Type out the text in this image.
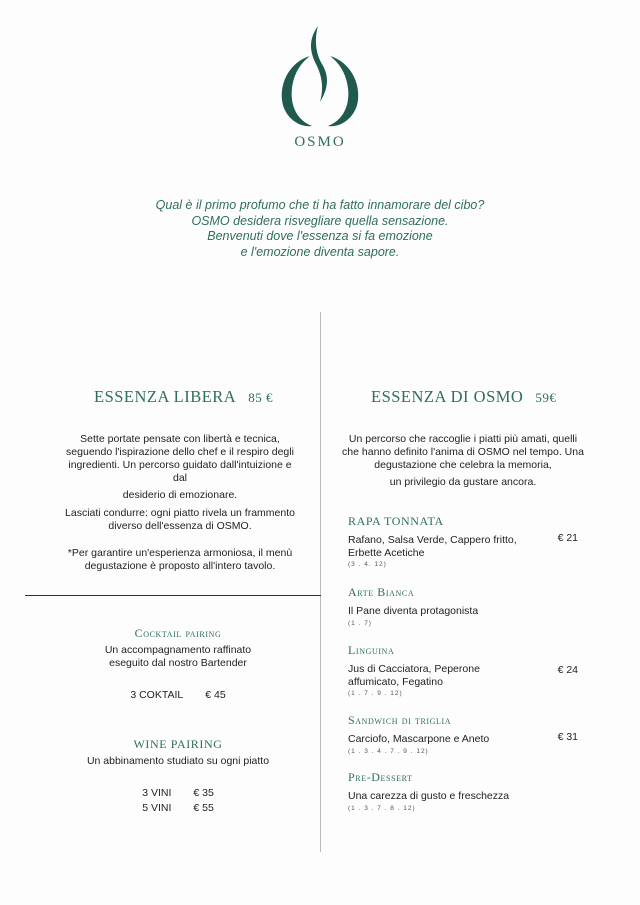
OSMO
Qual è il primo profumo che ti ha fatto innamorare del cibo?
OSMO desidera risvegliare quella sensazione.
Benvenuti dove l'essenza si fa emozione
e l'emozione diventa sapore.
ESSENZA LIBERA 85 €
Sette portate pensate con libertà e tecnica, seguendo l'ispirazione dello chef e il respiro degli ingredienti. Un percorso guidato dall'intuizione e dal
desiderio di emozionare.
Lasciati condurre: ogni piatto rivela un frammento diverso dell'essenza di OSMO.
*Per garantire un'esperienza armoniosa, il menù degustazione è proposto all'intero tavolo.
Cocktail pairing
Un accompagnamento raffinato eseguito dal nostro Bartender
3 COKTAIL € 45
WINE PAIRING
Un abbinamento studiato su ogni piatto
3 VINI € 35
5 VINI € 55
ESSENZA DI OSMO 59€
Un percorso che raccoglie i piatti più amati, quelli che hanno definito l'anima di OSMO nel tempo. Una degustazione che celebra la memoria,
un privilegio da gustare ancora.
RAPA TONNATA
€ 21
Rafano, Salsa Verde, Cappero fritto, Erbette Acetiche
(3 . 4. 12)
Arte Bianca
Il Pane diventa protagonista
(1 . 7)
Linguina
€ 24
Jus di Cacciatora, Peperone affumicato, Fegatino
(1 . 7 . 9 . 12)
Sandwich di triglia
€ 31
Carciofo, Mascarpone e Aneto
(1 . 3 . 4 . 7 . 9 . 12)
Pre-Dessert
Una carezza di gusto e freschezza
(1 . 3 . 7 . 8 . 12)
